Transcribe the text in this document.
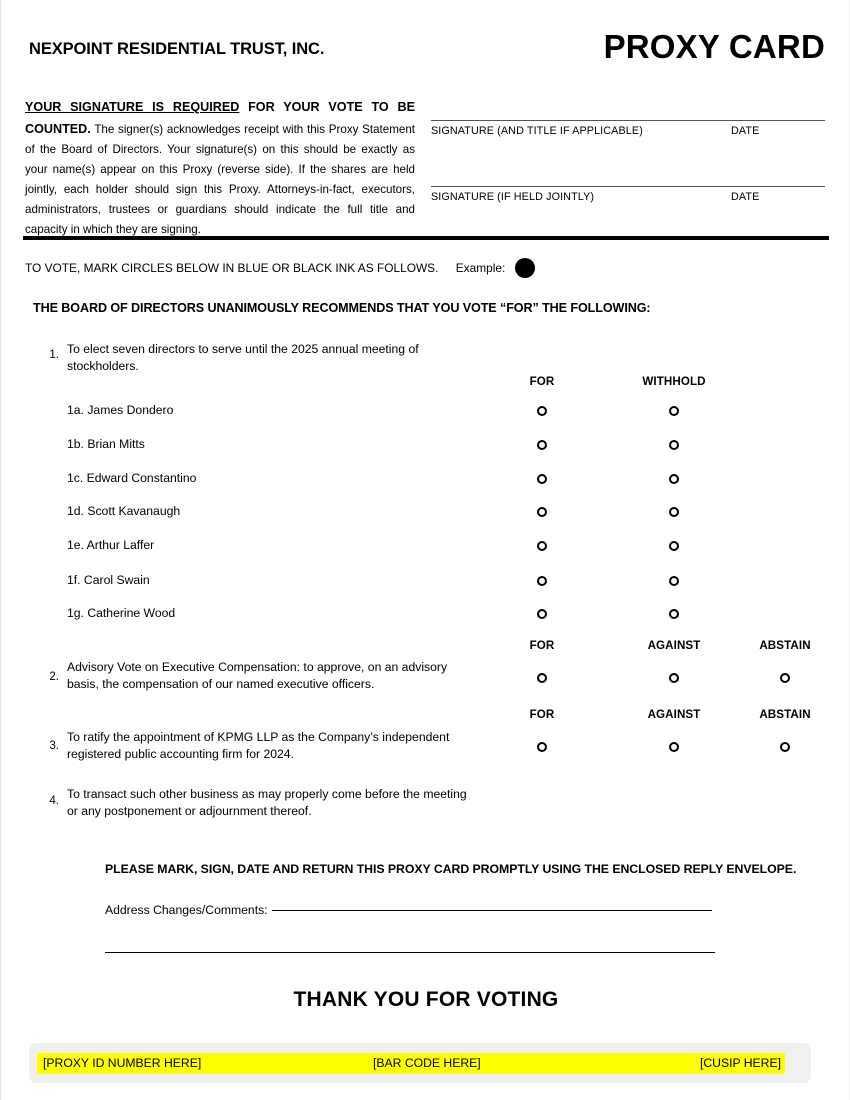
NEXPOINT RESIDENTIAL TRUST, INC.	PROXY CARD
YOUR SIGNATURE IS REQUIRED FOR YOUR VOTE TO BE COUNTED. The signer(s) acknowledges receipt with this Proxy Statement of the Board of Directors. Your signature(s) on this should be exactly as your name(s) appear on this Proxy (reverse side). If the shares are held jointly, each holder should sign this Proxy. Attorneys-in-fact, executors, administrators, trustees or guardians should indicate the full title and capacity in which they are signing.
SIGNATURE (AND TITLE IF APPLICABLE)	DATE
SIGNATURE (IF HELD JOINTLY)	DATE
TO VOTE, MARK CIRCLES BELOW IN BLUE OR BLACK INK AS FOLLOWS. Example:
THE BOARD OF DIRECTORS UNANIMOUSLY RECOMMENDS THAT YOU VOTE “FOR” THE FOLLOWING:
1. To elect seven directors to serve until the 2025 annual meeting of stockholders.
FOR	WITHHOLD
1a. James Dondero
1b. Brian Mitts
1c. Edward Constantino
1d. Scott Kavanaugh
1e. Arthur Laffer
1f. Carol Swain
1g. Catherine Wood
FOR	AGAINST	ABSTAIN
2.
Advisory Vote on Executive Compensation: to approve, on an advisory basis, the compensation of our named executive officers.
FOR	AGAINST	ABSTAIN
3.
To ratify the appointment of KPMG LLP as the Company’s independent registered public accounting firm for 2024.
4. To transact such other business as may properly come before the meeting or any postponement or adjournment thereof.
PLEASE MARK, SIGN, DATE AND RETURN THIS PROXY CARD PROMPTLY USING THE ENCLOSED REPLY ENVELOPE.
Address Changes/Comments:
THANK YOU FOR VOTING
[PROXY ID NUMBER HERE]	[BAR CODE HERE]	[CUSIP HERE]
